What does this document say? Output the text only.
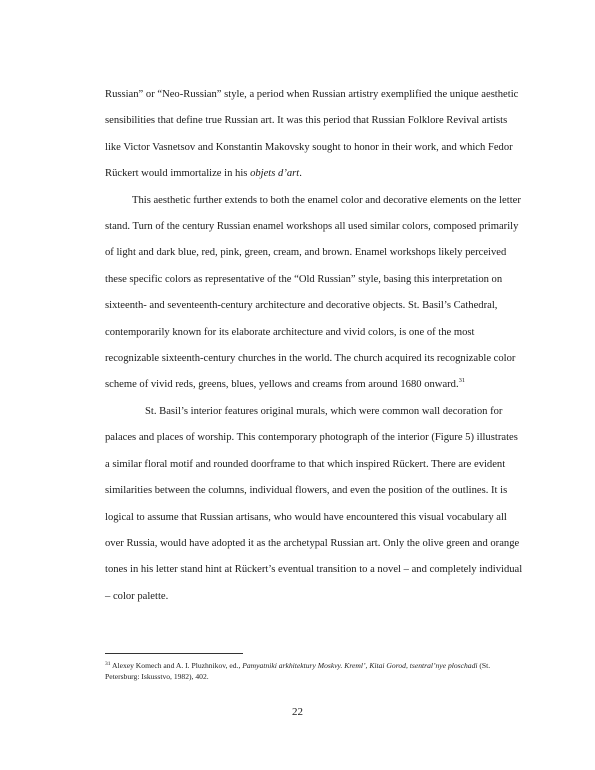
Russian” or “Neo-Russian” style, a period when Russian artistry exemplified the unique aesthetic sensibilities that define true Russian art. It was this period that Russian Folklore Revival artists like Victor Vasnetsov and Konstantin Makovsky sought to honor in their work, and which Fedor Rückert would immortalize in his objets d’art.

This aesthetic further extends to both the enamel color and decorative elements on the letter stand. Turn of the century Russian enamel workshops all used similar colors, composed primarily of light and dark blue, red, pink, green, cream, and brown. Enamel workshops likely perceived these specific colors as representative of the “Old Russian” style, basing this interpretation on sixteenth- and seventeenth-century architecture and decorative objects. St. Basil’s Cathedral, contemporarily known for its elaborate architecture and vivid colors, is one of the most recognizable sixteenth-century churches in the world. The church acquired its recognizable color scheme of vivid reds, greens, blues, yellows and creams from around 1680 onward.$^{31}$

St. Basil’s interior features original murals, which were common wall decoration for palaces and places of worship. This contemporary photograph of the interior (Figure 5) illustrates a similar floral motif and rounded doorframe to that which inspired Rückert. There are evident similarities between the columns, individual flowers, and even the position of the outlines. It is logical to assume that Russian artisans, who would have encountered this visual vocabulary all over Russia, would have adopted it as the archetypal Russian art. Only the olive green and orange tones in his letter stand hint at Rückert’s eventual transition to a novel – and completely individual – color palette.

$^{31}$ Alexey Komech and A. I. Pluzhnikov, ed., Pamyatniki arkhitektury Moskvy. Kreml’, Kitai Gorod, tsentral’nye ploschadi (St. Petersburg: Iskusstvo, 1982), 402.
22
